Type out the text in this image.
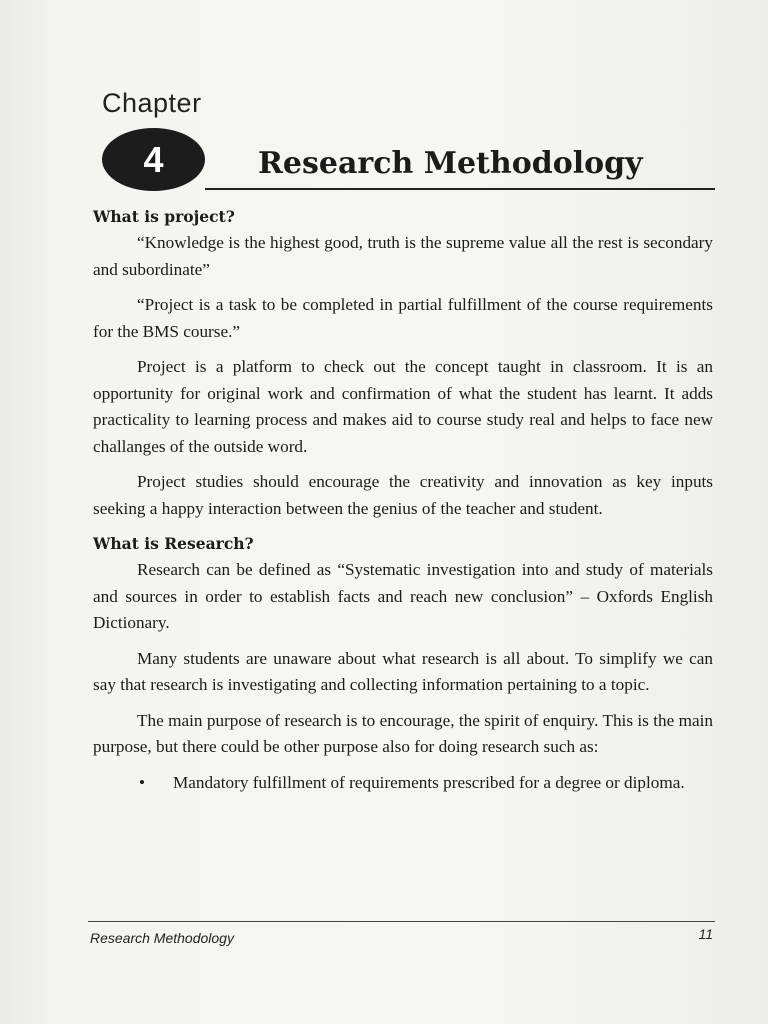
Chapter
4	Research Methodology
What is project?

“Knowledge is the highest good, truth is the supreme value all the rest is secondary and subordinate”

“Project is a task to be completed in partial fulfillment of the course requirements for the BMS course.”

Project is a platform to check out the concept taught in classroom. It is an opportunity for original work and confirmation of what the student has learnt. It adds practicality to learning process and makes aid to course study real and helps to face new challanges of the outside word.

Project studies should encourage the creativity and innovation as key inputs seeking a happy interaction between the genius of the teacher and student.

What is Research?

Research can be defined as “Systematic investigation into and study of materials and sources in order to establish facts and reach new conclusion” – Oxfords English Dictionary.

Many students are unaware about what research is all about. To simplify we can say that research is investigating and collecting information pertaining to a topic.

The main purpose of research is to encourage, the spirit of enquiry. This is the main purpose, but there could be other purpose also for doing research such as:

• Mandatory fulfillment of requirements prescribed for a degree or diploma.
Research Methodology	11
